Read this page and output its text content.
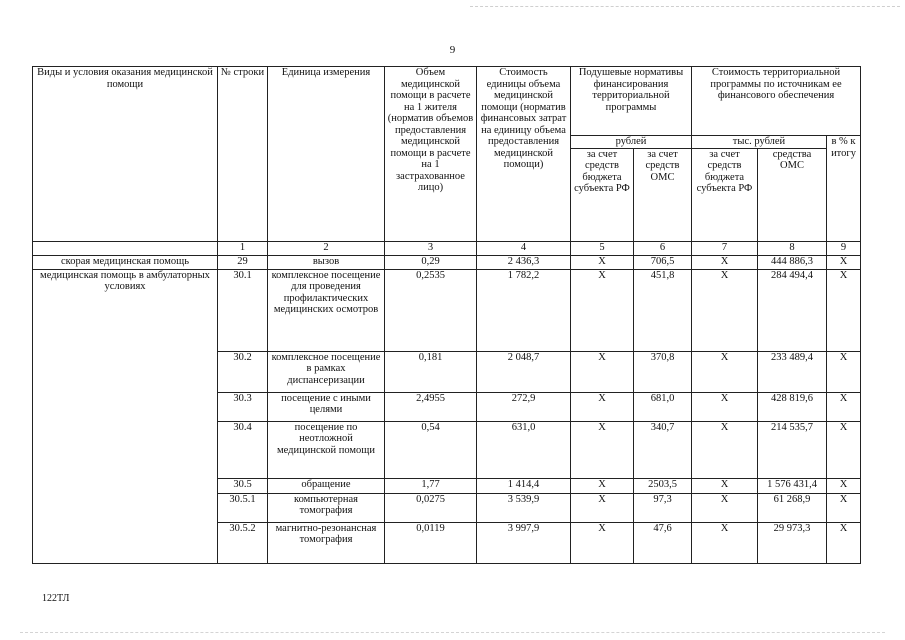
9
Виды и условия оказания медицинской помощи	№ строки	Единица измерения	Объем медицинской помощи в расчете на 1 жителя (норматив объемов предоставления медицинской помощи в расчете на 1 застрахованное лицо)	Стоимость единицы объема медицинской помощи (норматив финансовых затрат на единицу объема предоставления медицинской помощи)	Подушевые нормативы финансирования территориальной программы		Стоимость территориальной программы по источникам ее финансового обеспечения		
					рублей		тыс. рублей		в % к итогу
					за счет средств бюджета субъекта РФ	за счет средств ОМС	за счет средств бюджета субъекта РФ	средства ОМС	
	1	2	3	4	5	6	7	8	9
скорая медицинская помощь	29	вызов	0,29	2 436,3	Х	706,5	Х	444 886,3	Х
медицинская помощь в амбулаторных условиях	30.1	комплексное посещение для проведения профилактических медицинских осмотров	0,2535	1 782,2	Х	451,8	Х	284 494,4	Х
	30.2	комплексное посещение в рамках диспансеризации	0,181	2 048,7	Х	370,8	Х	233 489,4	Х
	30.3	посещение с иными целями	2,4955	272,9	Х	681,0	Х	428 819,6	Х
	30.4	посещение по неотложной медицинской помощи	0,54	631,0	Х	340,7	Х	214 535,7	Х
	30.5	обращение	1,77	1 414,4	Х	2503,5	Х	1 576 431,4	Х
	30.5.1	компьютерная томография	0,0275	3 539,9	Х	97,3	Х	61 268,9	Х
	30.5.2	магнитно-резонансная томография	0,0119	3 997,9	Х	47,6	Х	29 973,3	Х
122ТЛ
